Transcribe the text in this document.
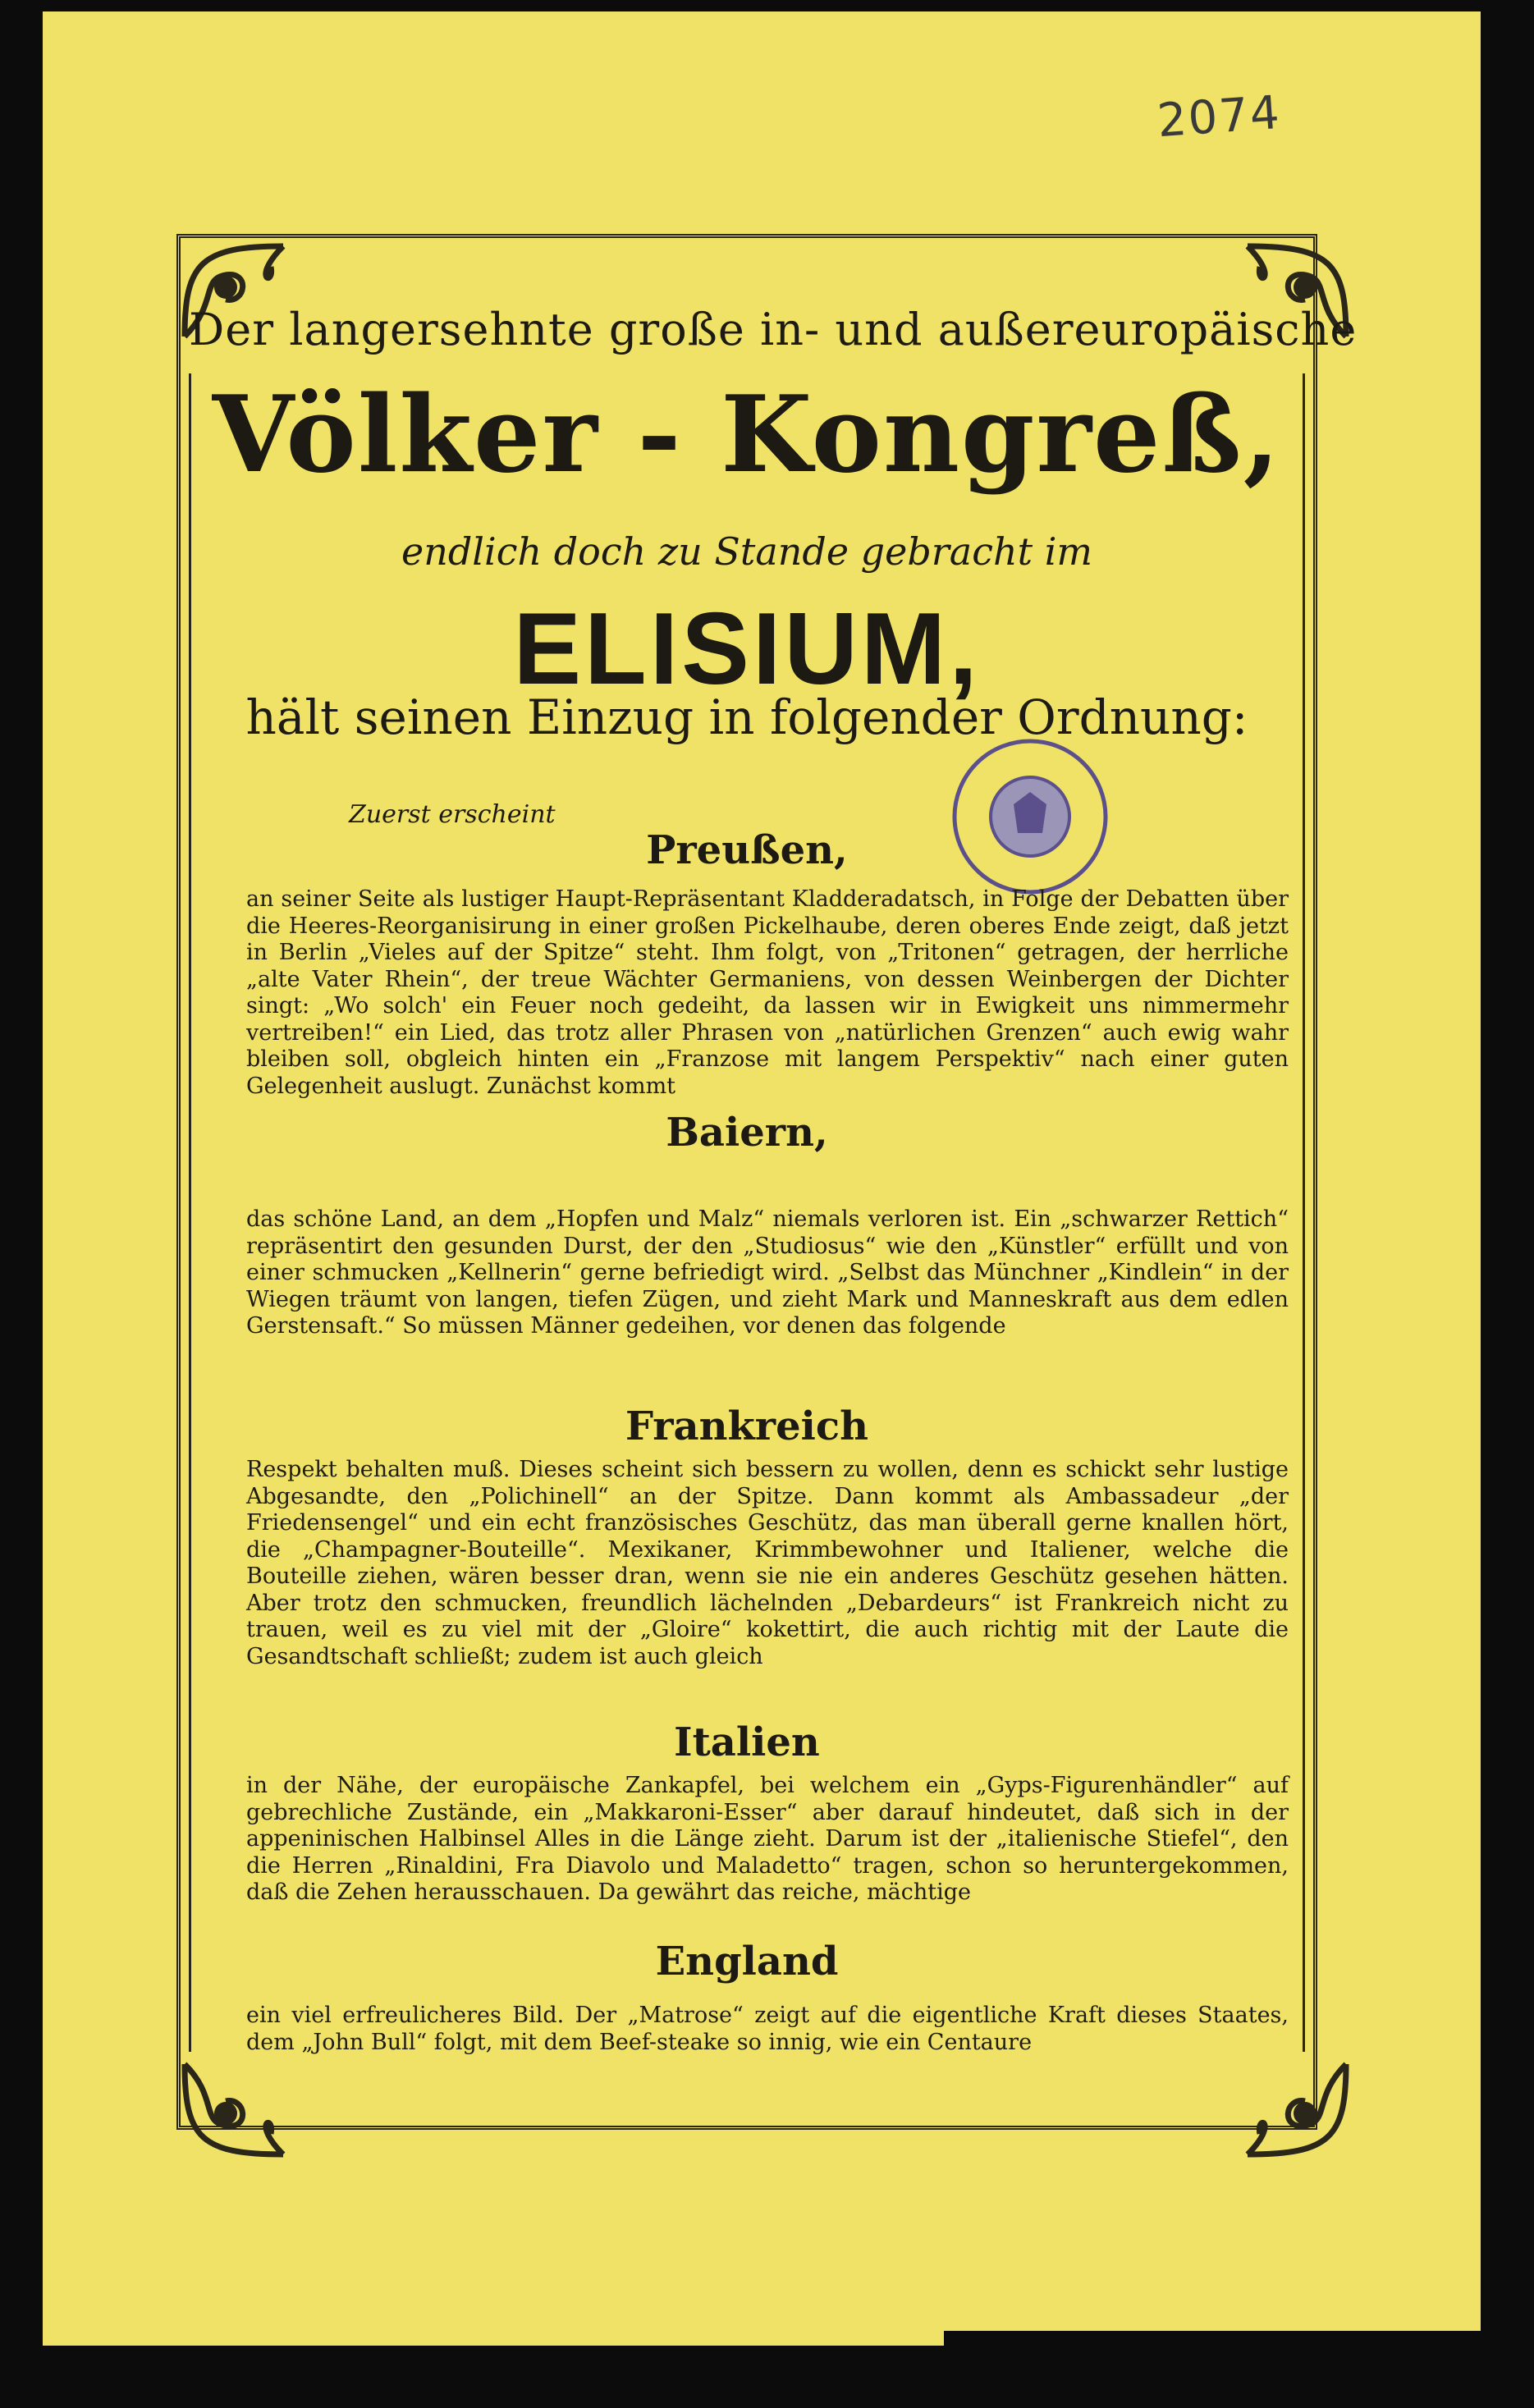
2074
Der langersehnte große in- und außereuropäische
Völker - Kongreß,
endlich doch zu Stande gebracht im
ELISIUM,
hält seinen Einzug in folgender Ordnung:
Zuerst erscheint
Preußen,
an seiner Seite als lustiger Haupt-Repräsentant Kladderadatsch, in Folge der Debatten über die Heeres-Reorganisirung in einer großen Pickelhaube, deren oberes Ende zeigt, daß jetzt in Berlin „Vieles auf der Spitze“ steht. Ihm folgt, von „Tritonen“ getragen, der herrliche „alte Vater Rhein“, der treue Wächter Germaniens, von dessen Weinbergen der Dichter singt: „Wo solch' ein Feuer noch gedeiht, da lassen wir in Ewigkeit uns nimmermehr vertreiben!“ ein Lied, das trotz aller Phrasen von „natürlichen Grenzen“ auch ewig wahr bleiben soll, obgleich hinten ein „Franzose mit langem Perspektiv“ nach einer guten Gelegenheit auslugt. Zunächst kommt
Baiern,
das schöne Land, an dem „Hopfen und Malz“ niemals verloren ist. Ein „schwarzer Rettich“ repräsentirt den gesunden Durst, der den „Studiosus“ wie den „Künstler“ erfüllt und von einer schmucken „Kellnerin“ gerne befriedigt wird. „Selbst das Münchner „Kindlein“ in der Wiegen träumt von langen, tiefen Zügen, und zieht Mark und Manneskraft aus dem edlen Gerstensaft.“ So müssen Männer gedeihen, vor denen das folgende
Frankreich
Respekt behalten muß. Dieses scheint sich bessern zu wollen, denn es schickt sehr lustige Abgesandte, den „Polichinell“ an der Spitze. Dann kommt als Ambassadeur „der Friedensengel“ und ein echt französisches Geschütz, das man überall gerne knallen hört, die „Champagner-Bouteille“. Mexikaner, Krimmbewohner und Italiener, welche die Bouteille ziehen, wären besser dran, wenn sie nie ein anderes Geschütz gesehen hätten. Aber trotz den schmucken, freundlich lächelnden „Debardeurs“ ist Frankreich nicht zu trauen, weil es zu viel mit der „Gloire“ kokettirt, die auch richtig mit der Laute die Gesandtschaft schließt; zudem ist auch gleich
Italien
in der Nähe, der europäische Zankapfel, bei welchem ein „Gyps-Figurenhändler“ auf gebrechliche Zustände, ein „Makkaroni-Esser“ aber darauf hindeutet, daß sich in der appeninischen Halbinsel Alles in die Länge zieht. Darum ist der „italienische Stiefel“, den die Herren „Rinaldini, Fra Diavolo und Maladetto“ tragen, schon so heruntergekommen, daß die Zehen herausschauen. Da gewährt das reiche, mächtige
England
ein viel erfreulicheres Bild. Der „Matrose“ zeigt auf die eigentliche Kraft dieses Staates, dem „John Bull“ folgt, mit dem Beef-steake so innig, wie ein Centaure
